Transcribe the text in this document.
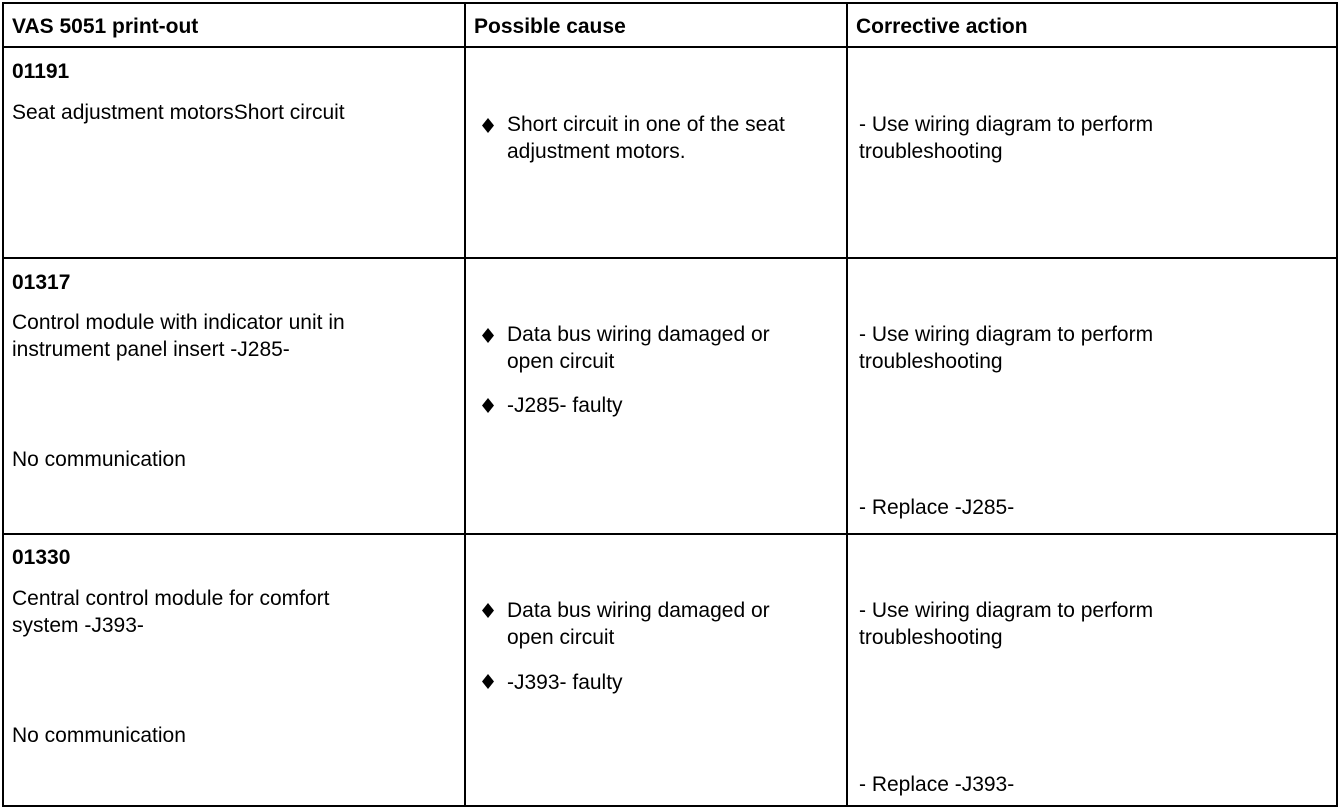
VAS 5051 print-out	Possible cause	Corrective action
01191
Seat adjustment motorsShort circuit
Short circuit in one of the seat
adjustment motors.
- Use wiring diagram to perform
troubleshooting
01317
Control module with indicator unit in
instrument panel insert -J285-
No communication
Data bus wiring damaged or
open circuit
-J285- faulty
- Use wiring diagram to perform
troubleshooting
- Replace -J285-
01330
Central control module for comfort
system -J393-
No communication
Data bus wiring damaged or
open circuit
-J393- faulty
- Use wiring diagram to perform
troubleshooting
- Replace -J393-
